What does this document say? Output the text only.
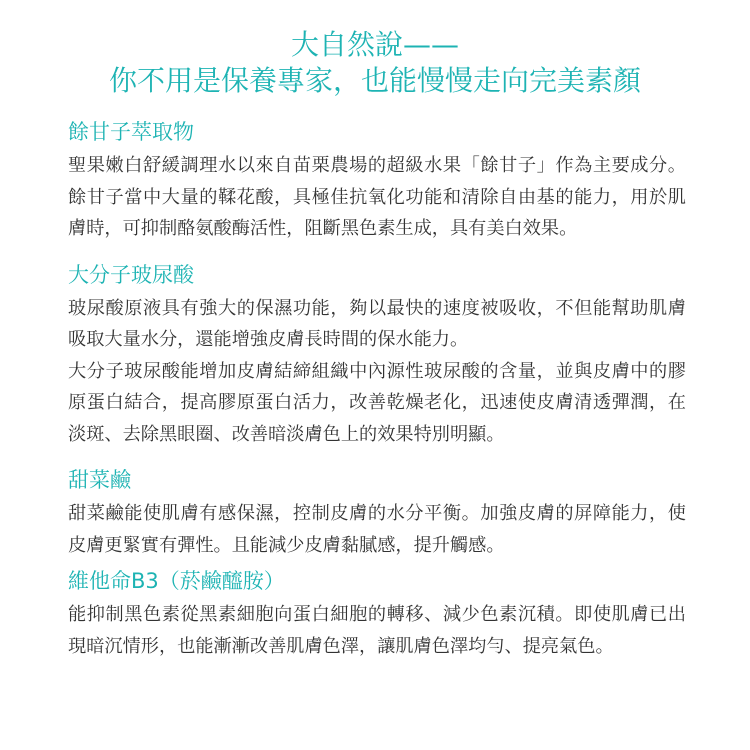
大自然說——

你不用是保養專家，也能慢慢走向完美素顏

餘甘子萃取物

聖果嫩白舒緩調理水以來自苗栗農場的超級水果「餘甘子」作為主要成分。餘甘子當中大量的鞣花酸，具極佳抗氧化功能和清除自由基的能力，用於肌膚時，可抑制酪氨酸酶活性，阻斷黑色素生成，具有美白效果。

大分子玻尿酸

玻尿酸原液具有強大的保濕功能，夠以最快的速度被吸收，不但能幫助肌膚吸取大量水分，還能增強皮膚長時間的保水能力。

大分子玻尿酸能增加皮膚結締組織中內源性玻尿酸的含量，並與皮膚中的膠原蛋白結合，提高膠原蛋白活力，改善乾燥老化，迅速使皮膚清透彈潤，在淡斑、去除黑眼圈、改善暗淡膚色上的效果特別明顯。

甜菜鹼

甜菜鹼能使肌膚有感保濕，控制皮膚的水分平衡。加強皮膚的屏障能力，使皮膚更緊實有彈性。且能減少皮膚黏膩感，提升觸感。

維他命B3（菸鹼醯胺）

能抑制黑色素從黑素細胞向蛋白細胞的轉移、減少色素沉積。即使肌膚已出現暗沉情形，也能漸漸改善肌膚色澤，讓肌膚色澤均勻、提亮氣色。
